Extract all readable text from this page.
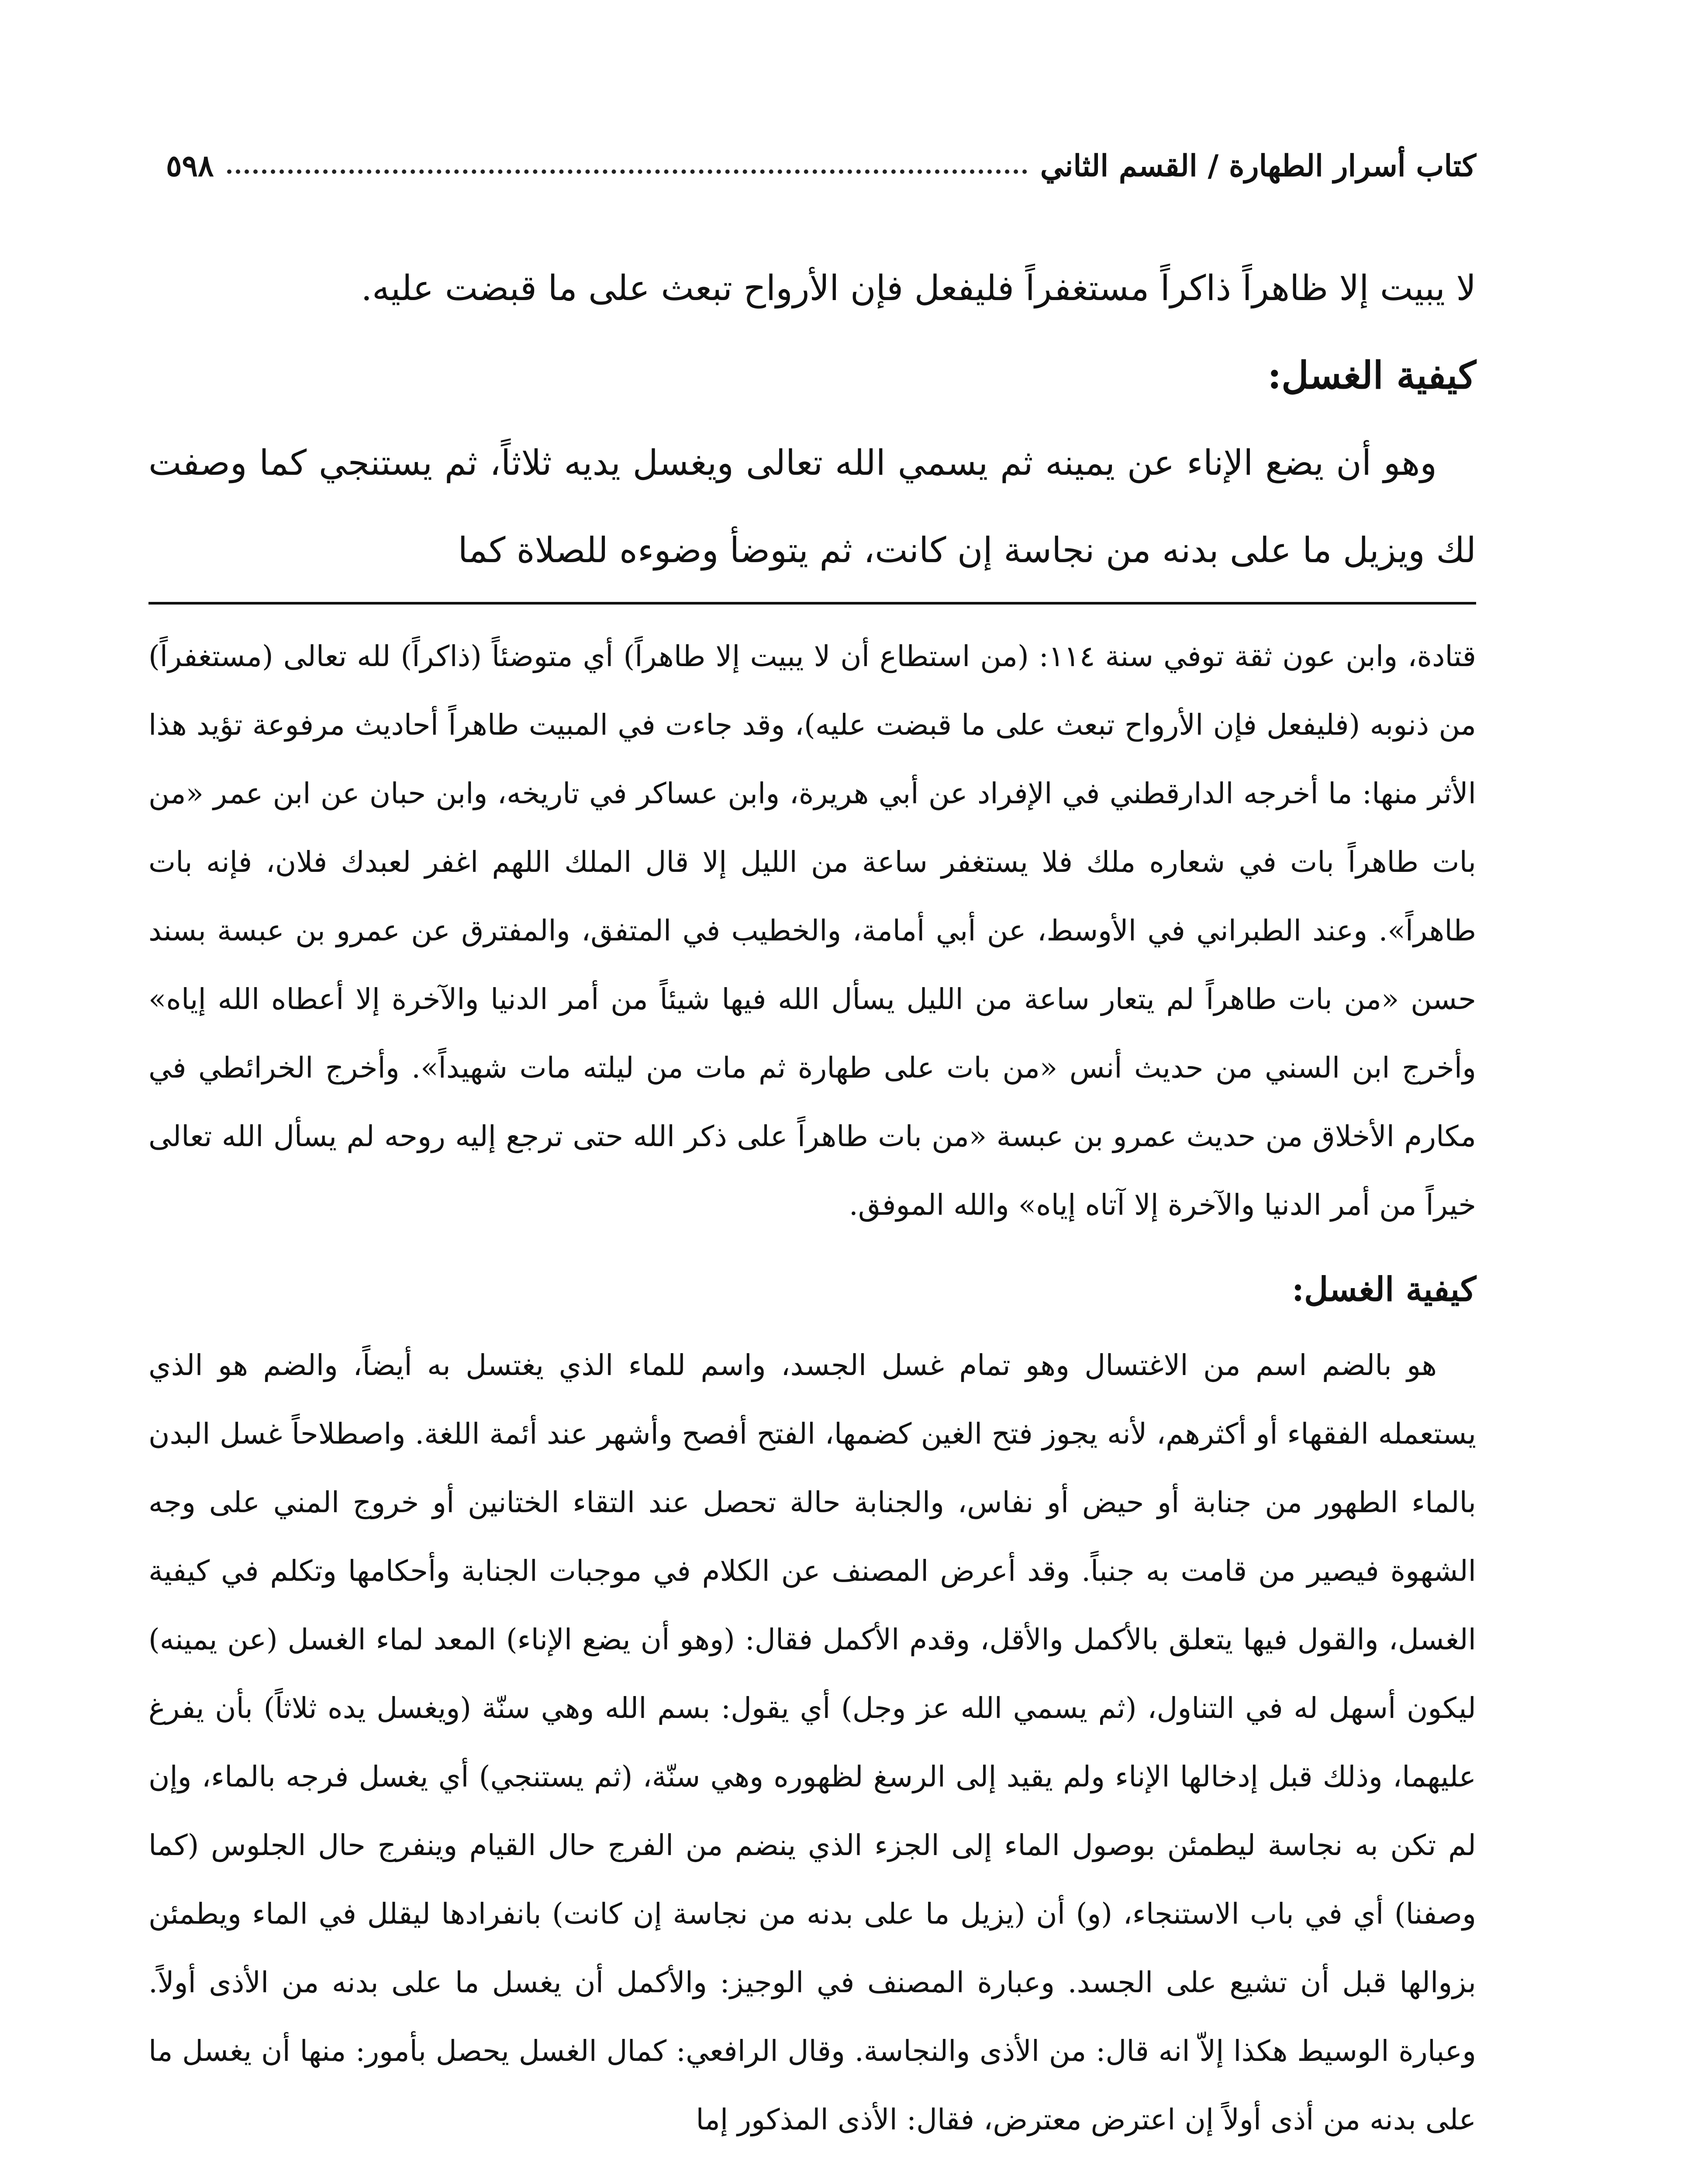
كتاب أسرار الطهارة / القسم الثاني
٥٩٨

لا يبيت إلا ظاهراً ذاكراً مستغفراً فليفعل فإن الأرواح تبعث على ما قبضت عليه.

كيفية الغسل:

وهو أن يضع الإناء عن يمينه ثم يسمي الله تعالى ويغسل يديه ثلاثاً، ثم يستنجي كما وصفت لك ويزيل ما على بدنه من نجاسة إن كانت، ثم يتوضأ وضوءه للصلاة كما

قتادة، وابن عون ثقة توفي سنة ١١٤: (من استطاع أن لا يبيت إلا طاهراً) أي متوضئاً (ذاكراً) لله تعالى (مستغفراً) من ذنوبه (فليفعل فإن الأرواح تبعث على ما قبضت عليه)، وقد جاءت في المبيت طاهراً أحاديث مرفوعة تؤيد هذا الأثر منها: ما أخرجه الدارقطني في الإفراد عن أبي هريرة، وابن عساكر في تاريخه، وابن حبان عن ابن عمر «من بات طاهراً بات في شعاره ملك فلا يستغفر ساعة من الليل إلا قال الملك اللهم اغفر لعبدك فلان، فإنه بات طاهراً». وعند الطبراني في الأوسط، عن أبي أمامة، والخطيب في المتفق، والمفترق عن عمرو بن عبسة بسند حسن «من بات طاهراً لم يتعار ساعة من الليل يسأل الله فيها شيئاً من أمر الدنيا والآخرة إلا أعطاه الله إياه» وأخرج ابن السني من حديث أنس «من بات على طهارة ثم مات من ليلته مات شهيداً». وأخرج الخرائطي في مكارم الأخلاق من حديث عمرو بن عبسة «من بات طاهراً على ذكر الله حتى ترجع إليه روحه لم يسأل الله تعالى خيراً من أمر الدنيا والآخرة إلا آتاه إياه» والله الموفق.

كيفية الغسل:

هو بالضم اسم من الاغتسال وهو تمام غسل الجسد، واسم للماء الذي يغتسل به أيضاً، والضم هو الذي يستعمله الفقهاء أو أكثرهم، لأنه يجوز فتح الغين كضمها، الفتح أفصح وأشهر عند أئمة اللغة. واصطلاحاً غسل البدن بالماء الطهور من جنابة أو حيض أو نفاس، والجنابة حالة تحصل عند التقاء الختانين أو خروج المني على وجه الشهوة فيصير من قامت به جنباً. وقد أعرض المصنف عن الكلام في موجبات الجنابة وأحكامها وتكلم في كيفية الغسل، والقول فيها يتعلق بالأكمل والأقل، وقدم الأكمل فقال: (وهو أن يضع الإناء) المعد لماء الغسل (عن يمينه) ليكون أسهل له في التناول، (ثم يسمي الله عز وجل) أي يقول: بسم الله وهي سنّة (ويغسل يده ثلاثاً) بأن يفرغ عليهما، وذلك قبل إدخالها الإناء ولم يقيد إلى الرسغ لظهوره وهي سنّة، (ثم يستنجي) أي يغسل فرجه بالماء، وإن لم تكن به نجاسة ليطمئن بوصول الماء إلى الجزء الذي ينضم من الفرج حال القيام وينفرج حال الجلوس (كما وصفنا) أي في باب الاستنجاء، (و) أن (يزيل ما على بدنه من نجاسة إن كانت) بانفرادها ليقلل في الماء ويطمئن بزوالها قبل أن تشيع على الجسد. وعبارة المصنف في الوجيز: والأكمل أن يغسل ما على بدنه من الأذى أولاً. وعبارة الوسيط هكذا إلاّ انه قال: من الأذى والنجاسة. وقال الرافعي: كمال الغسل يحصل بأمور: منها أن يغسل ما على بدنه من أذى أولاً إن اعترض معترض، فقال: الأذى المذكور إما
